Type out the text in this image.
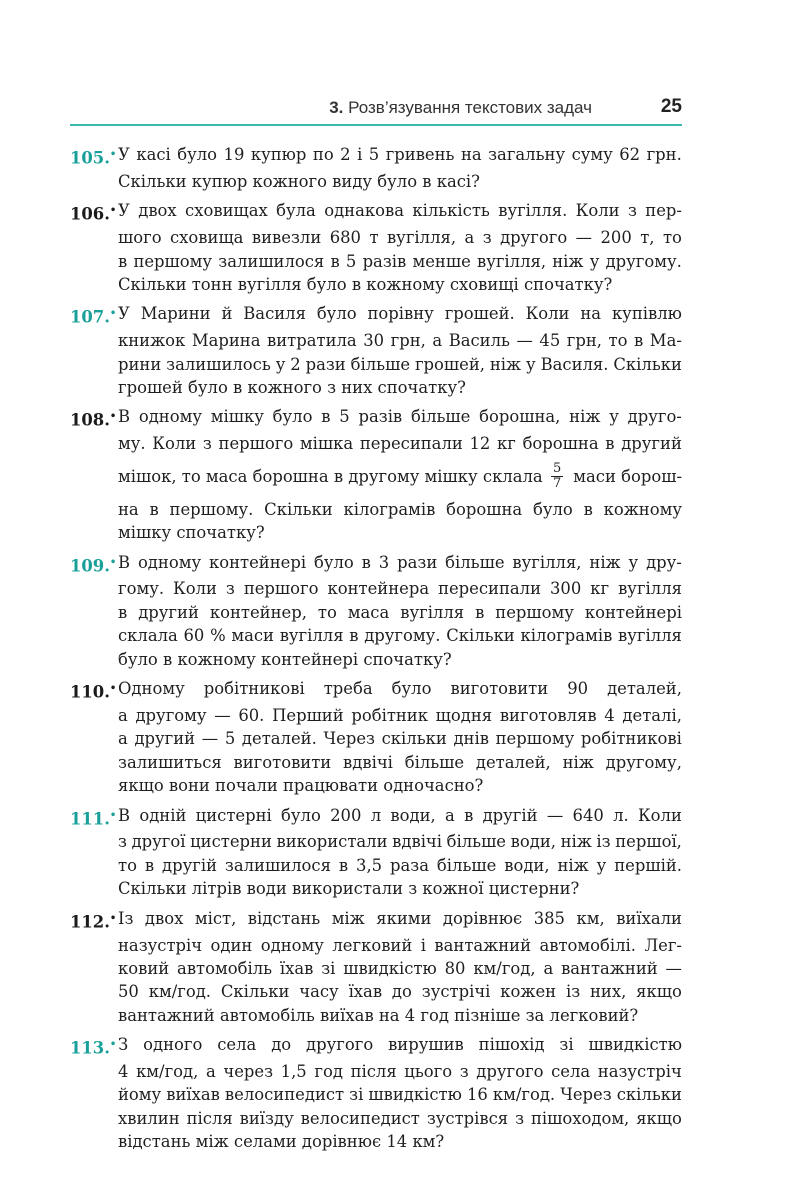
3. Розв’язування текстових задач	25
105.• У касі було 19 купюр по 2 і 5 гривень на загальну суму 62 грн.
Скільки купюр кожного виду було в касі?
106.• У двох сховищах була однакова кількість вугілля. Коли з пер-
шого сховища вивезли 680 т вугілля, а з другого — 200 т, то
в першому залишилося в 5 разів менше вугілля, ніж у другому.
Скільки тонн вугілля було в кожному сховищі спочатку?
107.• У Марини й Василя було порівну грошей. Коли на купівлю
книжок Марина витратила 30 грн, а Василь — 45 грн, то в Ма-
рини залишилось у 2 рази більше грошей, ніж у Василя. Скільки
грошей було в кожного з них спочатку?
108.• В одному мішку було в 5 разів більше борошна, ніж у друго-
му. Коли з першого мішка пересипали 12 кг борошна в другий
мішок, то маса борошна в другому мішку склала $\frac{5}{7}$ маси борош-
на в першому. Скільки кілограмів борошна було в кожному
мішку спочатку?
109.• В одному контейнері було в 3 рази більше вугілля, ніж у дру-
гому. Коли з першого контейнера пересипали 300 кг вугілля
в другий контейнер, то маса вугілля в першому контейнері
склала 60 % маси вугілля в другому. Скільки кілограмів вугілля
було в кожному контейнері спочатку?
110.• Одному робітникові треба було виготовити 90 деталей,
а другому — 60. Перший робітник щодня виготовляв 4 деталі,
а другий — 5 деталей. Через скільки днів першому робітникові
залишиться виготовити вдвічі більше деталей, ніж другому,
якщо вони почали працювати одночасно?
111.• В одній цистерні було 200 л води, а в другій — 640 л. Коли
з другої цистерни використали вдвічі більше води, ніж із першої,
то в другій залишилося в 3,5 раза більше води, ніж у першій.
Скільки літрів води використали з кожної цистерни?
112.• Із двох міст, відстань між якими дорівнює 385 км, виїхали
назустріч один одному легковий і вантажний автомобілі. Лег-
ковий автомобіль їхав зі швидкістю 80 км/год, а вантажний —
50 км/год. Скільки часу їхав до зустрічі кожен із них, якщо
вантажний автомобіль виїхав на 4 год пізніше за легковий?
113.• З одного села до другого вирушив пішохід зі швидкістю
4 км/год, а через 1,5 год після цього з другого села назустріч
йому виїхав велосипедист зі швидкістю 16 км/год. Через скільки
хвилин після виїзду велосипедист зустрівся з пішоходом, якщо
відстань між селами дорівнює 14 км?
